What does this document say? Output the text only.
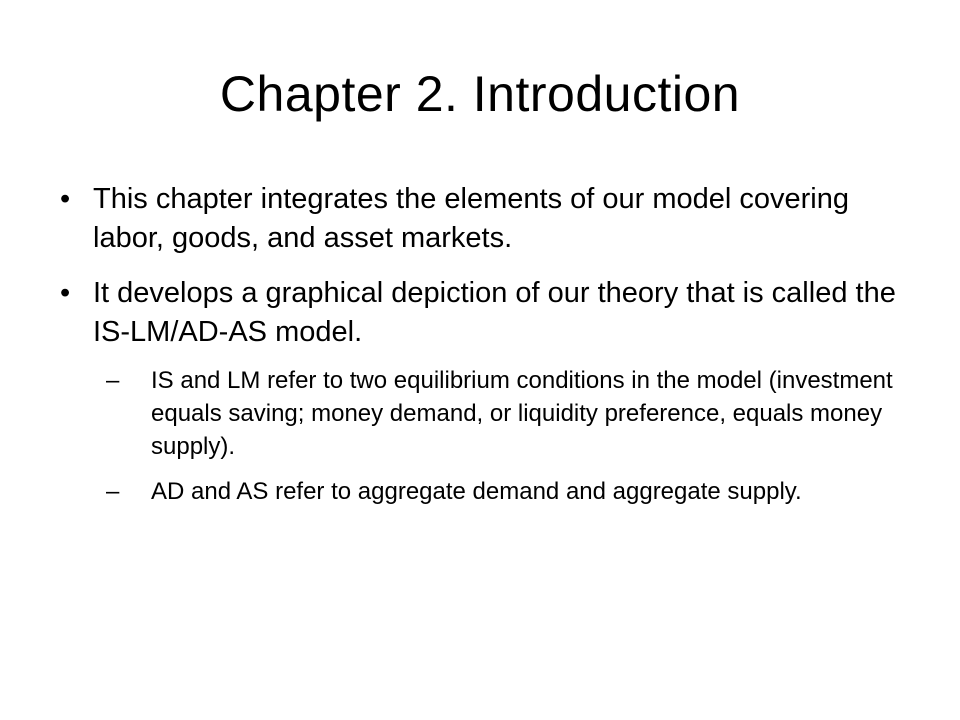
Chapter 2. Introduction
• This chapter integrates the elements of our model covering labor, goods, and asset markets.
• It develops a graphical depiction of our theory that is called the IS-LM/AD-AS model.
– IS and LM refer to two equilibrium conditions in the model (investment equals saving; money demand, or liquidity preference, equals money supply).
– AD and AS refer to aggregate demand and aggregate supply.
